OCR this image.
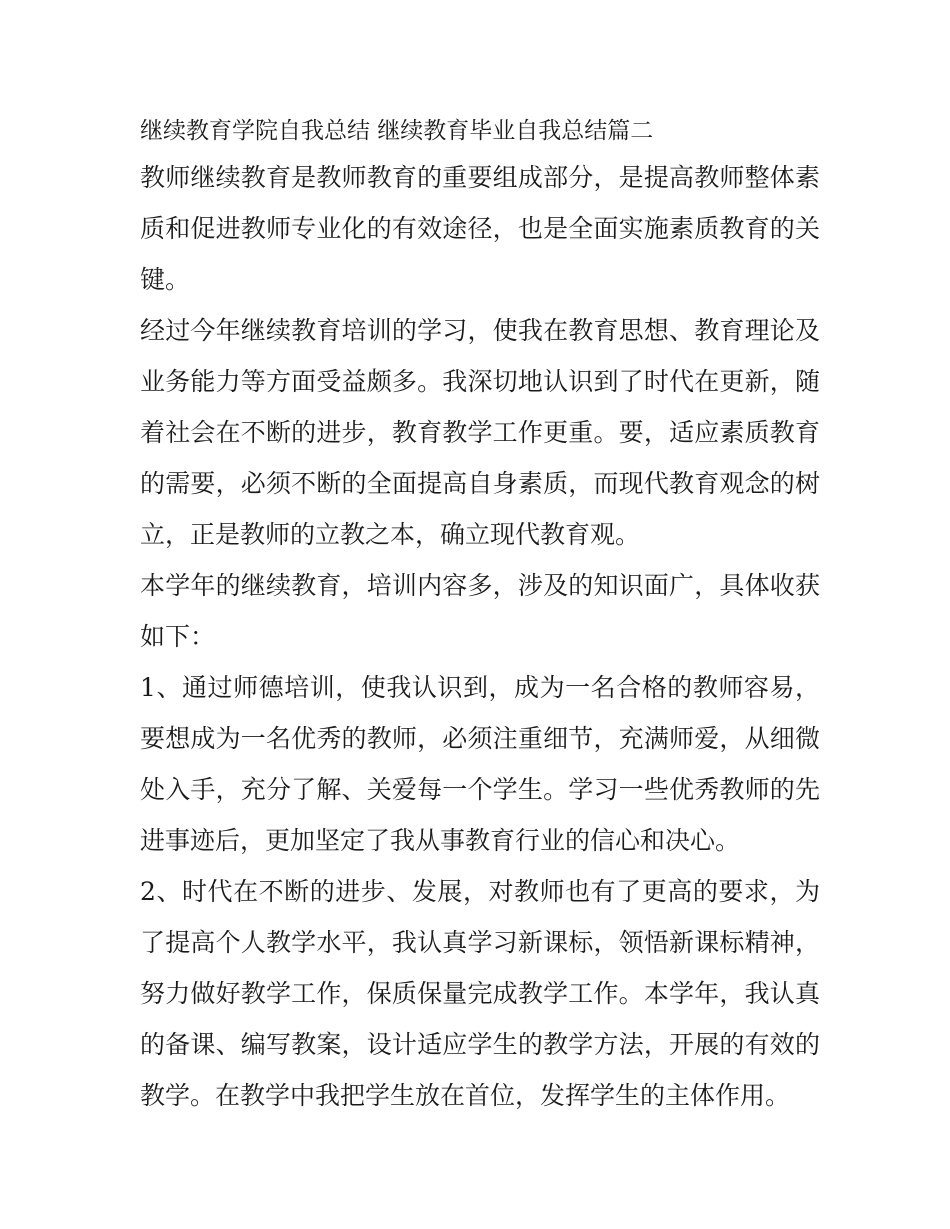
继续教育学院自我总结 继续教育毕业自我总结篇二

教师继续教育是教师教育的重要组成部分，是提高教师整体素质和促进教师专业化的有效途径，也是全面实施素质教育的关键。

经过今年继续教育培训的学习，使我在教育思想、教育理论及业务能力等方面受益颇多。我深切地认识到了时代在更新，随着社会在不断的进步，教育教学工作更重。要，适应素质教育的需要，必须不断的全面提高自身素质，而现代教育观念的树立，正是教师的立教之本，确立现代教育观。

本学年的继续教育，培训内容多，涉及的知识面广，具体收获如下：

1、通过师德培训，使我认识到，成为一名合格的教师容易，要想成为一名优秀的教师，必须注重细节，充满师爱，从细微处入手，充分了解、关爱每一个学生。学习一些优秀教师的先进事迹后，更加坚定了我从事教育行业的信心和决心。

2、时代在不断的进步、发展，对教师也有了更高的要求，为了提高个人教学水平，我认真学习新课标，领悟新课标精神，努力做好教学工作，保质保量完成教学工作。本学年，我认真的备课、编写教案，设计适应学生的教学方法，开展的有效的教学。在教学中我把学生放在首位，发挥学生的主体作用。
